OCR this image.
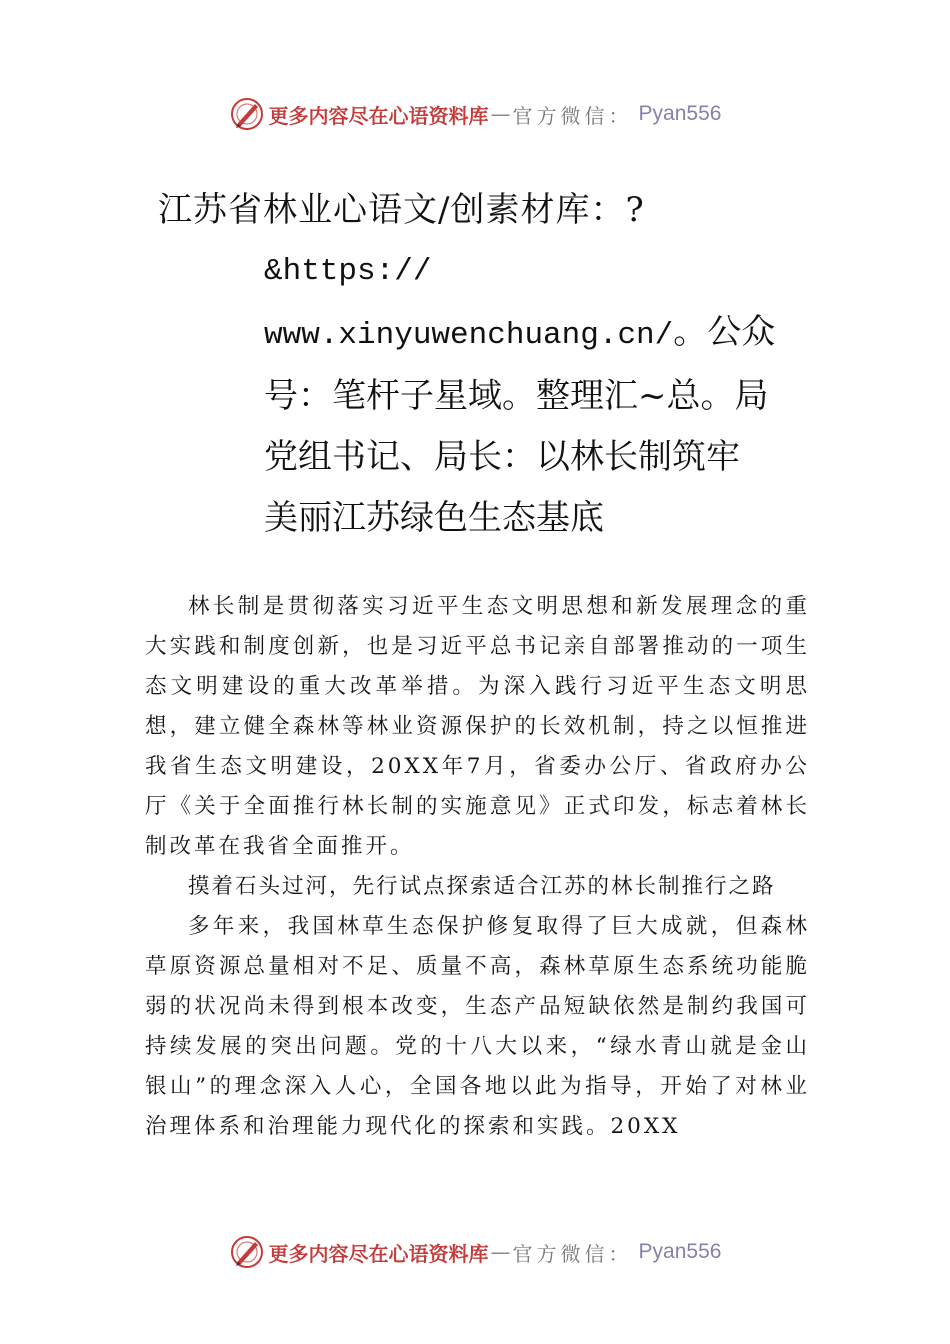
更多内容尽在心语资料库 — 官方微信： Pyan556
江苏省林业心语文/创素材库：?
&https://
www.xinyuwenchuang.cn/。公众
号：笔杆子星域。整理汇~总。局
党组书记、局长：以林长制筑牢
美丽江苏绿色生态基底

林长制是贯彻落实习近平生态文明思想和新发展理念的重大实践和制度创新，也是习近平总书记亲自部署推动的一项生态文明建设的重大改革举措。为深入践行习近平生态文明思想，建立健全森林等林业资源保护的长效机制，持之以恒推进我省生态文明建设，20XX年7月，省委办公厅、省政府办公厅《关于全面推行林长制的实施意见》正式印发，标志着林长制改革在我省全面推开。

摸着石头过河，先行试点探索适合江苏的林长制推行之路

多年来，我国林草生态保护修复取得了巨大成就，但森林草原资源总量相对不足、质量不高，森林草原生态系统功能脆弱的状况尚未得到根本改变，生态产品短缺依然是制约我国可持续发展的突出问题。党的十八大以来，“绿水青山就是金山银山”的理念深入人心，全国各地以此为指导，开始了对林业治理体系和治理能力现代化的探索和实践。20XX

更多内容尽在心语资料库 — 官方微信： Pyan556
